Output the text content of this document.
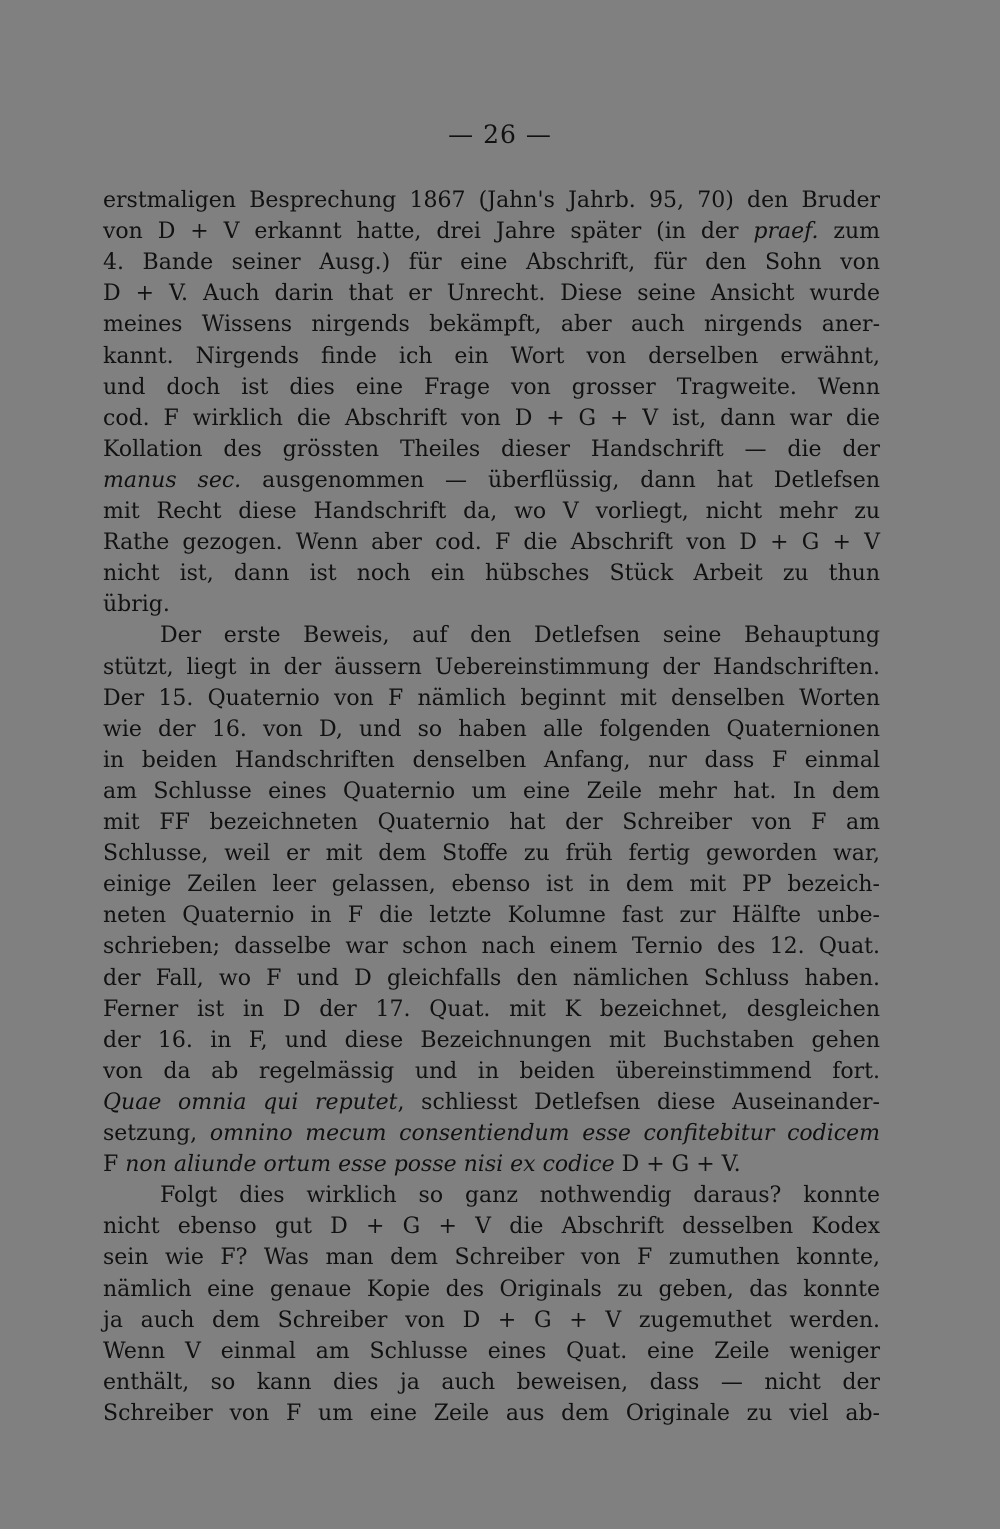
— 26 —
erstmaligen Besprechung 1867 (Jahn's Jahrb. 95, 70) den Bruder
von D + V erkannt hatte, drei Jahre später (in der praef. zum
4. Bande seiner Ausg.) für eine Abschrift, für den Sohn von
D + V. Auch darin that er Unrecht. Diese seine Ansicht wurde
meines Wissens nirgends bekämpft, aber auch nirgends aner-
kannt. Nirgends finde ich ein Wort von derselben erwähnt,
und doch ist dies eine Frage von grosser Tragweite. Wenn
cod. F wirklich die Abschrift von D + G + V ist, dann war die
Kollation des grössten Theiles dieser Handschrift — die der
manus sec. ausgenommen — überflüssig, dann hat Detlefsen
mit Recht diese Handschrift da, wo V vorliegt, nicht mehr zu
Rathe gezogen. Wenn aber cod. F die Abschrift von D + G + V
nicht ist, dann ist noch ein hübsches Stück Arbeit zu thun
übrig.
Der erste Beweis, auf den Detlefsen seine Behauptung
stützt, liegt in der äussern Uebereinstimmung der Handschriften.
Der 15. Quaternio von F nämlich beginnt mit denselben Worten
wie der 16. von D, und so haben alle folgenden Quaternionen
in beiden Handschriften denselben Anfang, nur dass F einmal
am Schlusse eines Quaternio um eine Zeile mehr hat. In dem
mit FF bezeichneten Quaternio hat der Schreiber von F am
Schlusse, weil er mit dem Stoffe zu früh fertig geworden war,
einige Zeilen leer gelassen, ebenso ist in dem mit PP bezeich-
neten Quaternio in F die letzte Kolumne fast zur Hälfte unbe-
schrieben; dasselbe war schon nach einem Ternio des 12. Quat.
der Fall, wo F und D gleichfalls den nämlichen Schluss haben.
Ferner ist in D der 17. Quat. mit K bezeichnet, desgleichen
der 16. in F, und diese Bezeichnungen mit Buchstaben gehen
von da ab regelmässig und in beiden übereinstimmend fort.
Quae omnia qui reputet, schliesst Detlefsen diese Auseinander-
setzung, omnino mecum consentiendum esse confitebitur codicem
F non aliunde ortum esse posse nisi ex codice D + G + V.
Folgt dies wirklich so ganz nothwendig daraus? konnte
nicht ebenso gut D + G + V die Abschrift desselben Kodex
sein wie F? Was man dem Schreiber von F zumuthen konnte,
nämlich eine genaue Kopie des Originals zu geben, das konnte
ja auch dem Schreiber von D + G + V zugemuthet werden.
Wenn V einmal am Schlusse eines Quat. eine Zeile weniger
enthält, so kann dies ja auch beweisen, dass — nicht der
Schreiber von F um eine Zeile aus dem Originale zu viel ab-
